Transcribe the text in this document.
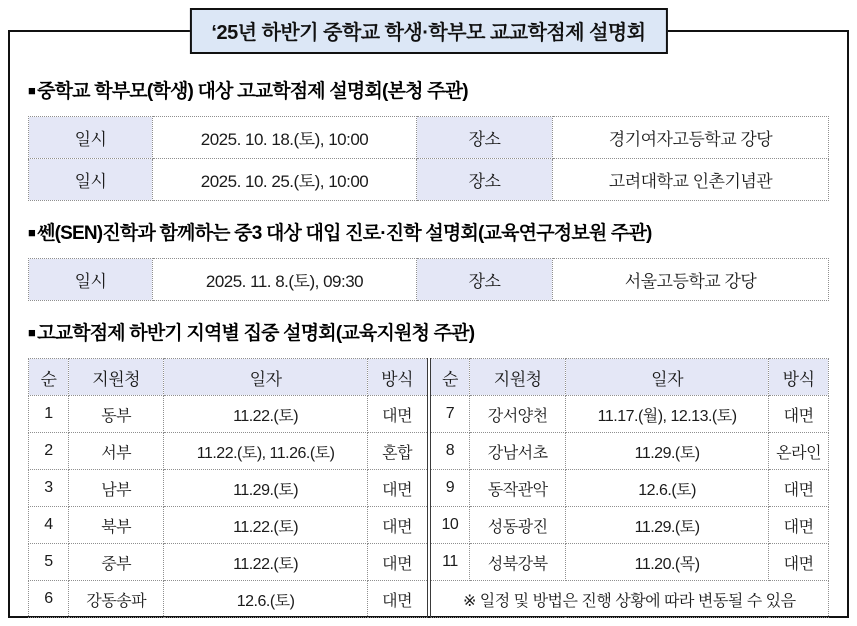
‘25년 하반기 중학교 학생·학부모 교교학점제 설명회
■ 중학교 학부모(학생) 대상 고교학점제 설명회(본청 주관)
일시	2025. 10. 18.(토), 10:00	장소	경기여자고등학교 강당
일시	2025. 10. 25.(토), 10:00	장소	고려대학교 인촌기념관
■ 쎈(SEN)진학과 함께하는 중3 대상 대입 진로·진학 설명회(교육연구정보원 주관)
일시	2025. 11. 8.(토), 09:30	장소	서울고등학교 강당
■ 고교학점제 하반기 지역별 집중 설명회(교육지원청 주관)
순	지원청	일자	방식
1	동부	11.22.(토)	대면
2	서부	11.22.(토), 11.26.(토)	혼합
3	남부	11.29.(토)	대면
4	북부	11.22.(토)	대면
5	중부	11.22.(토)	대면
6	강동송파	12.6.(토)	대면
순	지원청	일자	방식
7	강서양천	11.17.(월), 12.13.(토)	대면
8	강남서초	11.29.(토)	온라인
9	동작관악	12.6.(토)	대면
10	성동광진	11.29.(토)	대면
11	성북강북	11.20.(목)	대면
※ 일정 및 방법은 진행 상황에 따라 변동될 수 있음			
